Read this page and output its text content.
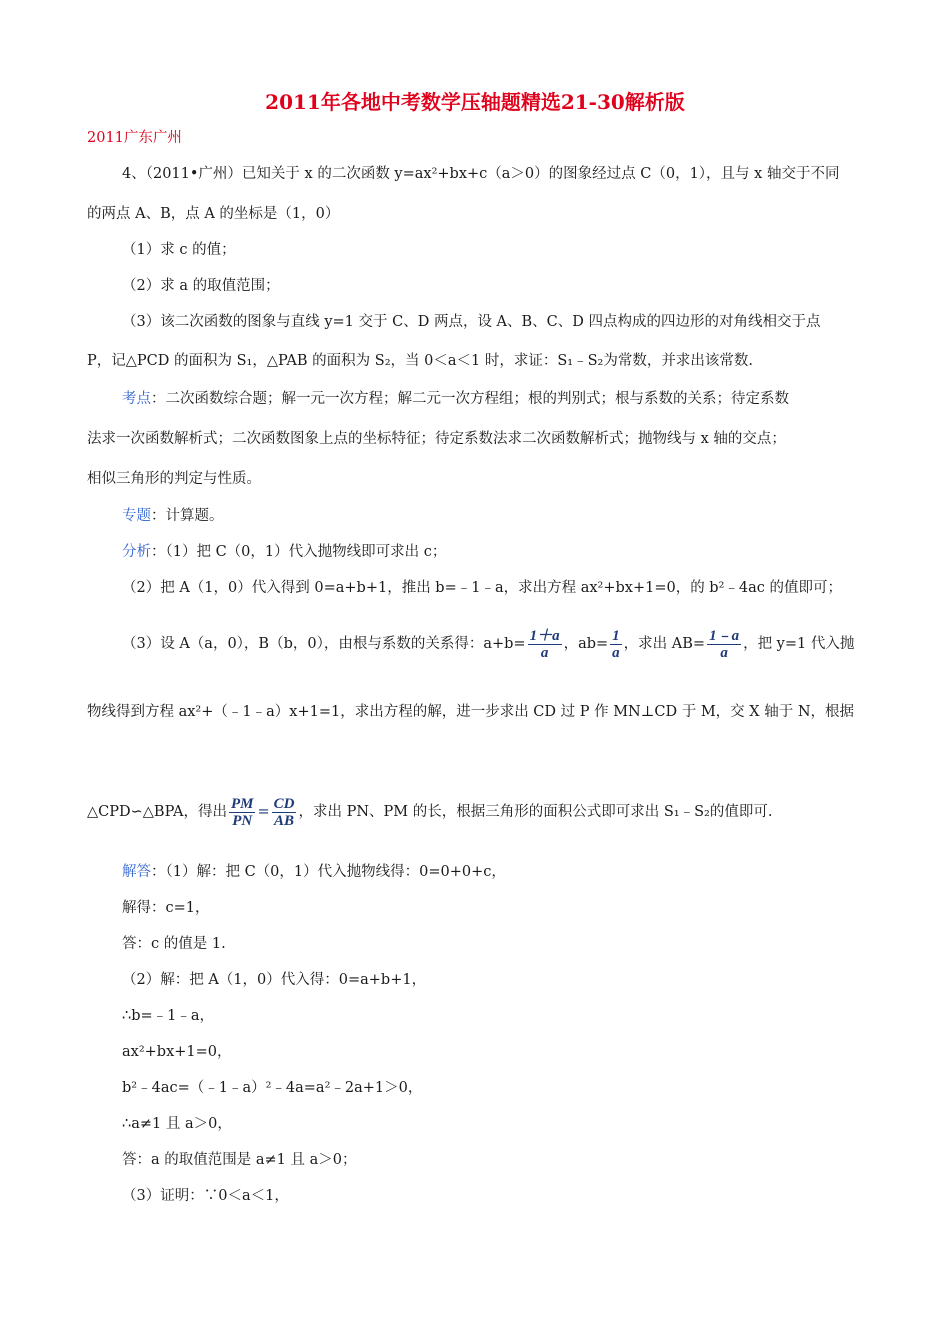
2011年各地中考数学压轴题精选21-30解析版
2011广东广州
4、（2011•广州）已知关于 x 的二次函数 y=ax²+bx+c（a＞0）的图象经过点 C（0，1），且与 x 轴交于不同
的两点 A、B，点 A 的坐标是（1，0）
（1）求 c 的值；
（2）求 a 的取值范围；
（3）该二次函数的图象与直线 y=1 交于 C、D 两点，设 A、B、C、D 四点构成的四边形的对角线相交于点
P，记△PCD 的面积为 S₁，△PAB 的面积为 S₂，当 0＜a＜1 时，求证：S₁﹣S₂为常数，并求出该常数.
考点：二次函数综合题；解一元一次方程；解二元一次方程组；根的判别式；根与系数的关系；待定系数
法求一次函数解析式；二次函数图象上点的坐标特征；待定系数法求二次函数解析式；抛物线与 x 轴的交点；
相似三角形的判定与性质。
专题：计算题。
分析：（1）把 C（0，1）代入抛物线即可求出 c；
（2）把 A（1，0）代入得到 0=a+b+1，推出 b=﹣1﹣a，求出方程 ax²+bx+1=0，的 b²﹣4ac 的值即可；
（3）设 A（a，0），B（b，0），由根与系数的关系得：$a+b= \frac{1+a}{a}$ ，$ab= \frac{1}{a}$ ，求出 $AB= \frac{1﹣a}{a}$ ，把 y=1 代入抛
物线得到方程 ax²+（﹣1﹣a）x+1=1，求出方程的解，进一步求出 CD 过 P 作 MN⊥CD 于 M，交 X 轴于 N，根据
△CPD∽△BPA，得出 $\frac{PM}{PN} = \frac{CD}{AB}$ ，求出 PN、PM 的长，根据三角形的面积公式即可求出 S₁﹣S₂的值即可.
解答：（1）解：把 C（0，1）代入抛物线得：0=0+0+c，
解得：c=1，
答：c 的值是 1.
（2）解：把 A（1，0）代入得：0=a+b+1，
∴b=﹣1﹣a，
ax²+bx+1=0，
b²﹣4ac=（﹣1﹣a）²﹣4a=a²﹣2a+1＞0，
∴a≠1 且 a＞0，
答：a 的取值范围是 a≠1 且 a＞0；
（3）证明：∵0＜a＜1，
